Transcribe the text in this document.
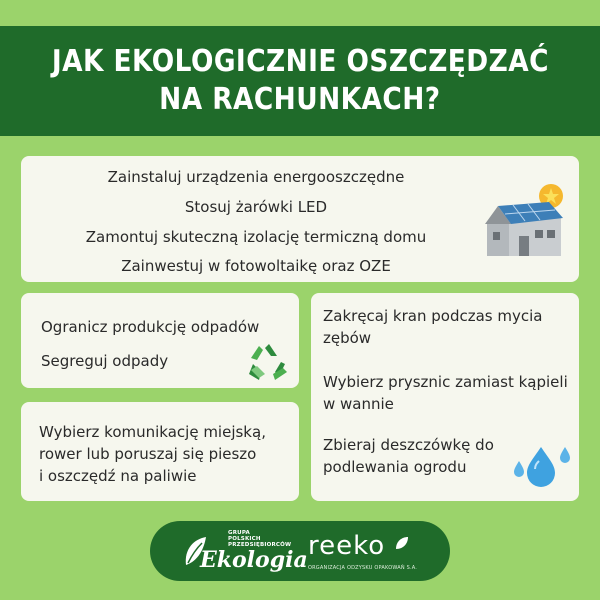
JAK EKOLOGICZNIE OSZCZĘDZAĆ
NA RACHUNKACH?
Zainstaluj urządzenia energooszczędne
Stosuj żarówki LED
Zamontuj skuteczną izolację termiczną domu
Zainwestuj w fotowoltaikę oraz OZE
Ogranicz produkcję odpadów
Segreguj odpady
Wybierz komunikację miejską,
rower lub poruszaj się pieszo
i oszczędź na paliwie
Zakręcaj kran podczas mycia
zębów
Wybierz prysznic zamiast kąpieli
w wannie
Zbieraj deszczówkę do
podlewania ogrodu
GRUPA
POLSKICH
PRZEDSIĘBIORCÓW
Ekologia reeko
ORGANIZACJA ODZYSKU OPAKOWAŃ S.A.
